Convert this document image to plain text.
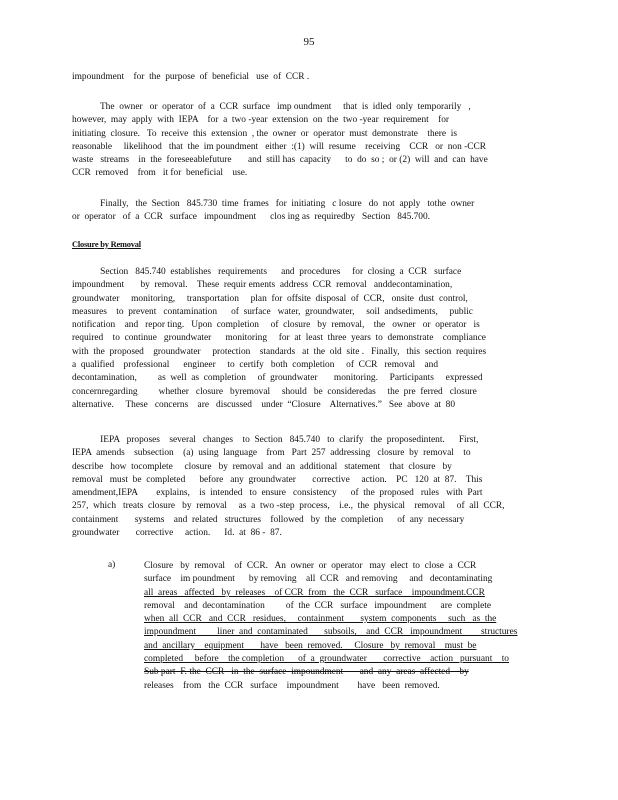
95

impoundment    for  the  purpose  of  beneficial   use  of  CCR .

The  owner   or  operator  of  a  CCR  surface   imp oundment     that  is  idled  only  temporarily   ,
however,  may  apply  with  IEPA    for  a  two -year  extension  on  the  two -year  requirement    for
initiating  closure.   To  receive  this  extension  , the  owner  or  operator  must  demonstrate    there  is
reasonable     likelihood   that  the  im poundment   either  :(1)  will  resume    receiving    CCR   or  non -CCR
waste   streams    in  the  foreseeablefuture       and  still has  capacity      to  do  so ;  or (2)  will  and  can  have
CCR  removed    from   it for  beneficial    use.

Finally,   the  Section   845.730  time  frames   for  initiating   c losure   do  not  apply   tothe  owner
or  operator   of  a  CCR   surface   impoundment      clos ing as  requiredby   Section   845.700.

Closure by Removal

Section   845.740  establishes   requirements      and  procedures     for  closing  a  CCR   surface
impoundment       by  removal.    These  requir ements  address  CCR  removal   anddecontamination,
groundwater     monitoring,     transportation     plan  for  offsite  disposal  of  CCR,   onsite  dust  control,
measures    to  prevent   contamination      of  surface   water,  groundwater,     soil  andsediments,     public
notification    and   repor ting.   Upon  completion     of  closure   by  removal,    the   owner   or  operator   is
required    to  continue   groundwater      monitoring     for  at  least  three  years  to  demonstrate    compliance
with  the  proposed    groundwater     protection    standards   at  the  old  site .   Finally,   this  section  requires
a  qualified    professional      engineer     to  certify   both  completion     of  CCR   removal    and
decontamination,         as  well  as  completion     of  groundwater       monitoring.     Participants     expressed
concernregarding         whether   closure   byremoval     should   be  consideredas     the  pre  ferred   closure
alternative.     These   concerns    are   discussed    under  “Closure    Alternatives.”   See  above  at  80

IEPA   proposes    several   changes    to  Section   845.740   to  clarify   the  proposedintent.      First,
IEPA  amends    subsection    (a)  using  language    from   Part  257  addressing   closure  by  removal    to
describe   how  tocomplete     closure   by  removal  and  an  additional   statement    that  closure   by
removal   must  be  completed      before   any  groundwater       corrective     action.    PC   120  at  87.    This
amendment,IEPA        explains,    is  intended   to  ensure   consistency      of  the  proposed   rules   with  Part
257,  which   treats  closure   by  removal     as  a  two -step  process,    i.e.,  the  physical    removal     of  all  CCR,
containment       systems    and  related   structures    followed   by  the  completion      of  any  necessary
groundwater       corrective     action.      Id.  at  86 -  87.

a)	Closure   by  removal    of  CCR.   An  owner  or  operator   may  elect  to  close  a  CCR
surface    im poundment      by removing    all  CCR   and removing     and   decontaminating
all  areas   affected   by  releases    of CCR  from   the  CCR   surface    impoundment.CCR
removal    and  decontamination         of  the  CCR   surface   impoundment      are  complete
when  all  CCR   and  CCR   residues,     containment       system  components     such   as  the
impoundment         liner  and  contaminated       subsoils,    and  CCR   impoundment        structures
and  ancillary    equipment       have   been  removed.     Closure   by  removal    must  be
completed     before    the completion      of  a  groundwater       corrective    action   pursuant    to
Sub part  F. the  CCR   in  the  surface  impoundment       and  any  areas  affected    by
releases    from   the  CCR   surface    impoundment        have   been  removed.
